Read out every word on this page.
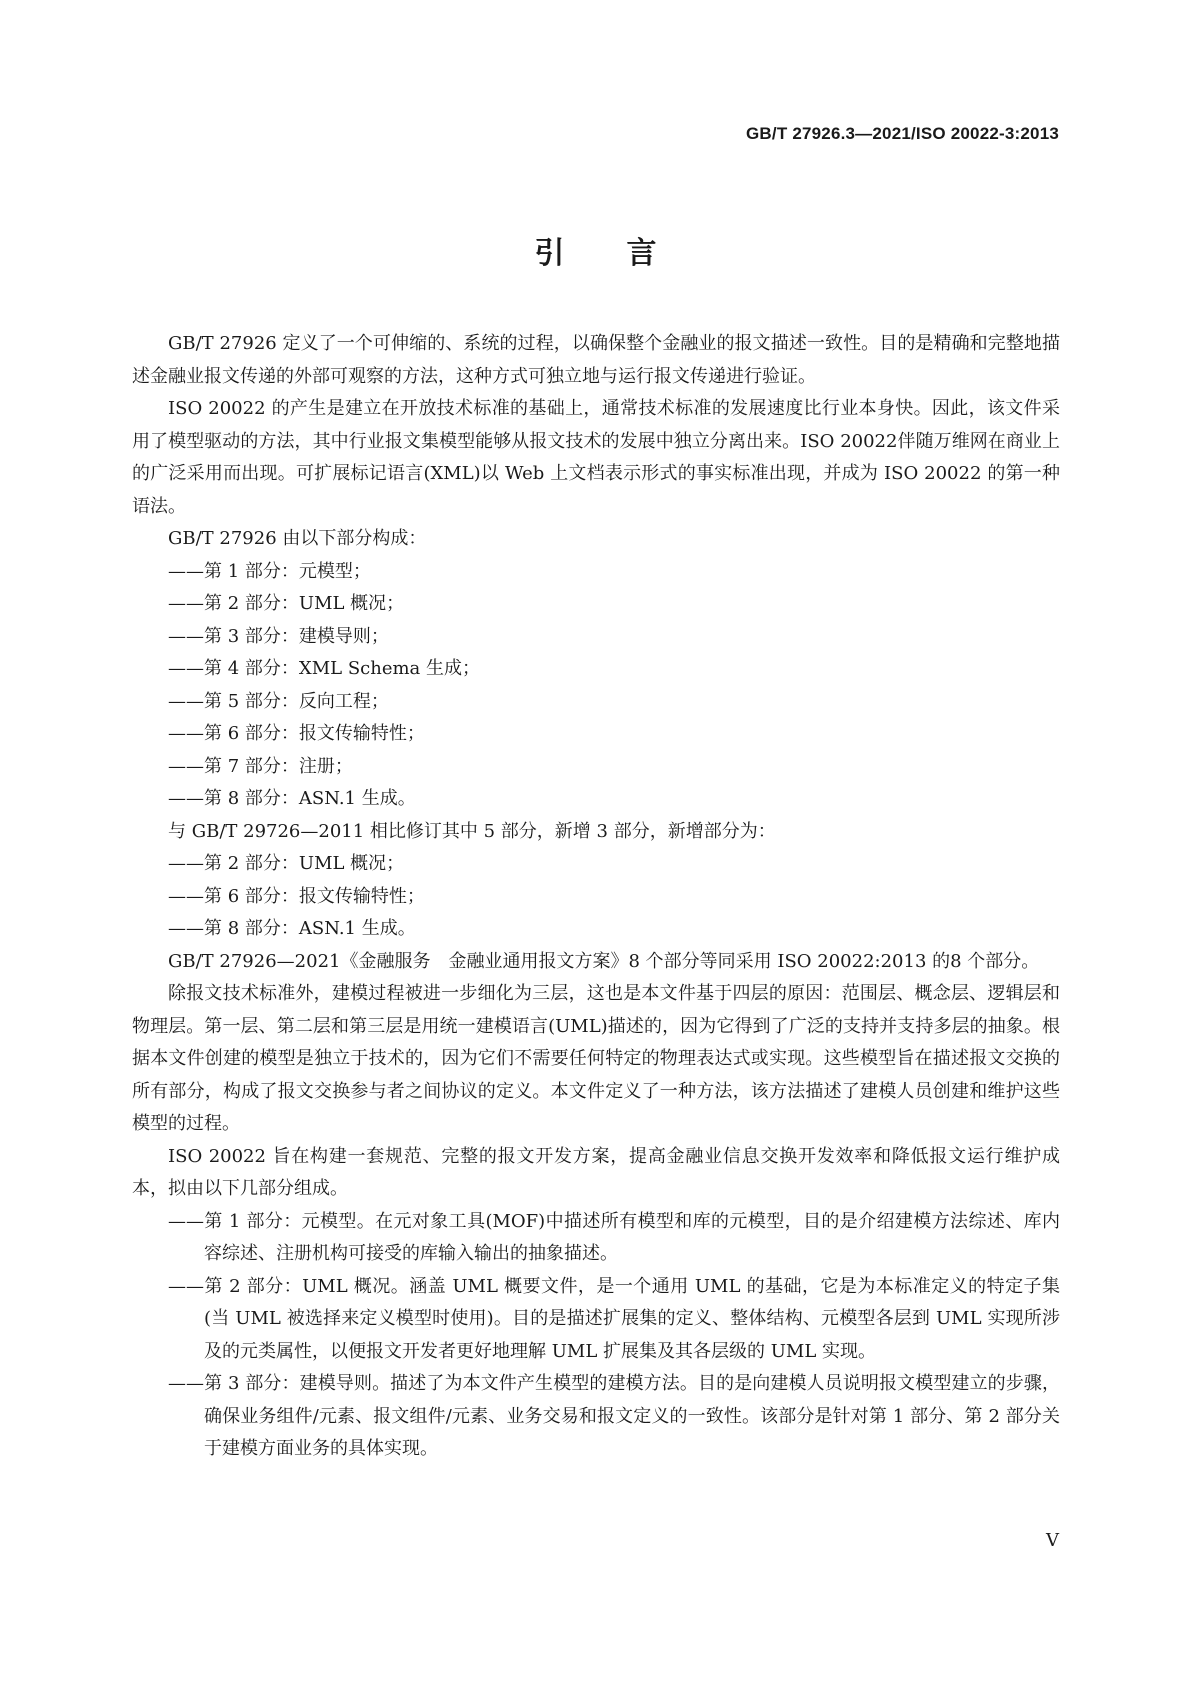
GB/T 27926.3—2021/ISO 20022-3:2013
引言

GB/T 27926 定义了一个可伸缩的、系统的过程，以确保整个金融业的报文描述一致性。目的是精确和完整地描述金融业报文传递的外部可观察的方法，这种方式可独立地与运行报文传递进行验证。

ISO 20022 的产生是建立在开放技术标准的基础上，通常技术标准的发展速度比行业本身快。因此，该文件采用了模型驱动的方法，其中行业报文集模型能够从报文技术的发展中独立分离出来。ISO 20022伴随万维网在商业上的广泛采用而出现。可扩展标记语言(XML)以 Web 上文档表示形式的事实标准出现，并成为 ISO 20022 的第一种语法。

GB/T 27926 由以下部分构成：

——第 1 部分：元模型；

——第 2 部分：UML 概况；

——第 3 部分：建模导则；

——第 4 部分：XML Schema 生成；

——第 5 部分：反向工程；

——第 6 部分：报文传输特性；

——第 7 部分：注册；

——第 8 部分：ASN.1 生成。

与 GB/T 29726—2011 相比修订其中 5 部分，新增 3 部分，新增部分为：

——第 2 部分：UML 概况；

——第 6 部分：报文传输特性；

——第 8 部分：ASN.1 生成。

GB/T 27926—2021《金融服务　金融业通用报文方案》8 个部分等同采用 ISO 20022:2013 的8 个部分。

除报文技术标准外，建模过程被进一步细化为三层，这也是本文件基于四层的原因：范围层、概念层、逻辑层和物理层。第一层、第二层和第三层是用统一建模语言(UML)描述的，因为它得到了广泛的支持并支持多层的抽象。根据本文件创建的模型是独立于技术的，因为它们不需要任何特定的物理表达式或实现。这些模型旨在描述报文交换的所有部分，构成了报文交换参与者之间协议的定义。本文件定义了一种方法，该方法描述了建模人员创建和维护这些模型的过程。

ISO 20022 旨在构建一套规范、完整的报文开发方案，提高金融业信息交换开发效率和降低报文运行维护成本，拟由以下几部分组成。

——第 1 部分：元模型。在元对象工具(MOF)中描述所有模型和库的元模型，目的是介绍建模方法综述、库内容综述、注册机构可接受的库输入输出的抽象描述。

——第 2 部分：UML 概况。涵盖 UML 概要文件，是一个通用 UML 的基础，它是为本标准定义的特定子集(当 UML 被选择来定义模型时使用)。目的是描述扩展集的定义、整体结构、元模型各层到 UML 实现所涉及的元类属性，以便报文开发者更好地理解 UML 扩展集及其各层级的 UML 实现。

——第 3 部分：建模导则。描述了为本文件产生模型的建模方法。目的是向建模人员说明报文模型建立的步骤，确保业务组件/元素、报文组件/元素、业务交易和报文定义的一致性。该部分是针对第 1 部分、第 2 部分关于建模方面业务的具体实现。

V
